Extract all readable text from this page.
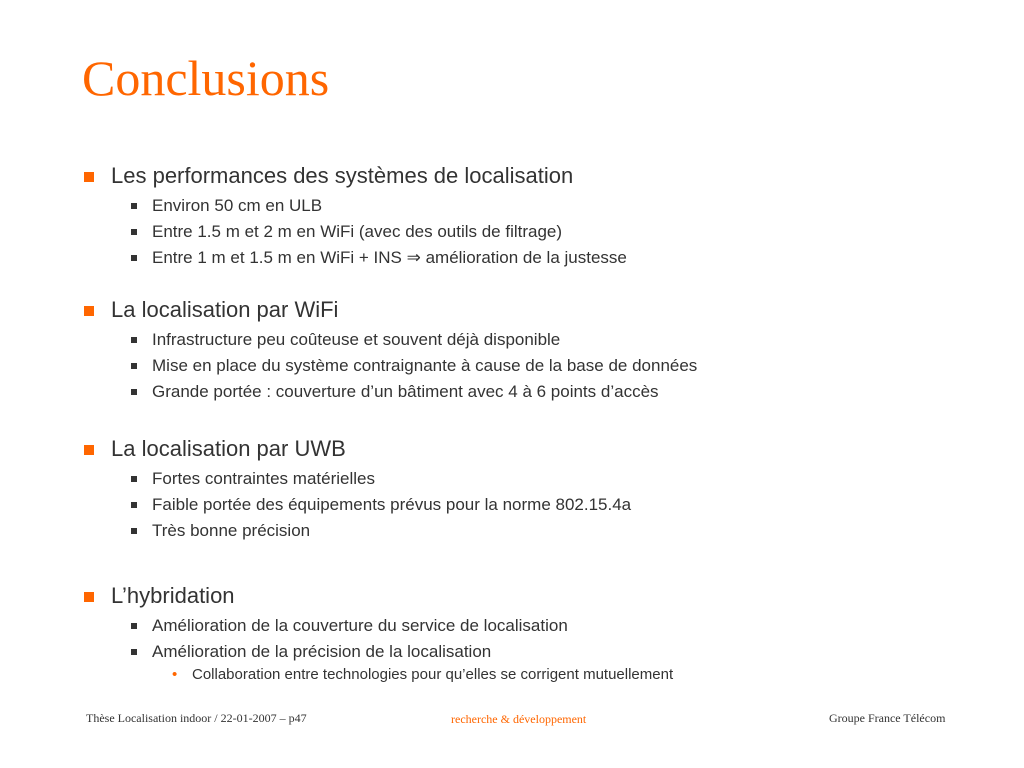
Conclusions
Les performances des systèmes de localisation
Environ 50 cm en ULB
Entre 1.5 m et 2 m en WiFi (avec des outils de filtrage)
Entre 1 m et 1.5 m en WiFi + INS ⇒ amélioration de la justesse
La localisation par WiFi
Infrastructure peu coûteuse et souvent déjà disponible
Mise en place du système contraignante à cause de la base de données
Grande portée : couverture d’un bâtiment avec 4 à 6 points d’accès
La localisation par UWB
Fortes contraintes matérielles
Faible portée des équipements prévus pour la norme 802.15.4a
Très bonne précision
L’hybridation
Amélioration de la couverture du service de localisation
Amélioration de la précision de la localisation
• Collaboration entre technologies pour qu’elles se corrigent mutuellement
Thèse Localisation indoor / 22-01-2007 – p47	recherche & développement	Groupe France Télécom
